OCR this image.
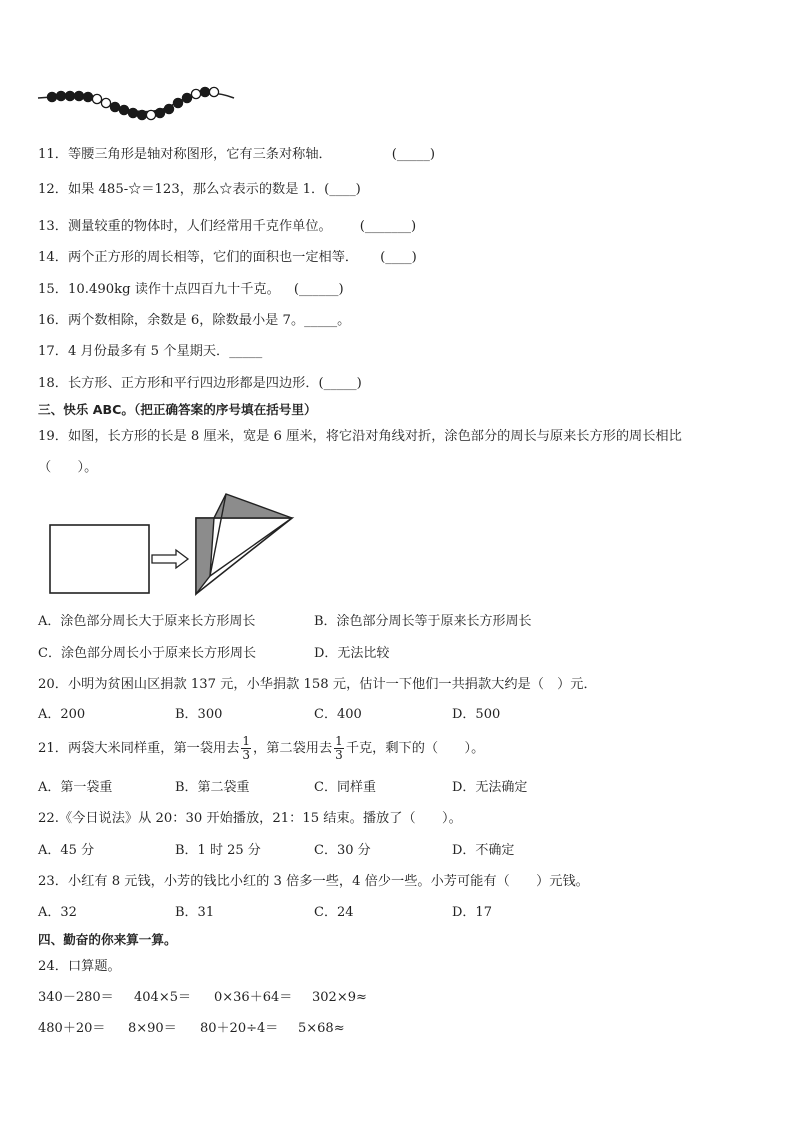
11．等腰三角形是轴对称图形，它有三条对称轴．	(_____)
12．如果 485-☆＝123，那么☆表示的数是 1．(____)
13．测量较重的物体时，人们经常用千克作单位。 (_______)
14．两个正方形的周长相等，它们的面积也一定相等． (____)
15．10.490kg 读作十点四百九十千克。 (______)
16．两个数相除，余数是 6，除数最小是 7。_____。
17．4 月份最多有 5 个星期天．_____
18．长方形、正方形和平行四边形都是四边形．(_____)
三、快乐 ABC。（把正确答案的序号填在括号里）
19．如图，长方形的长是 8 厘米，宽是 6 厘米，将它沿对角线对折，涂色部分的周长与原来长方形的周长相比
（　　）。
A．涂色部分周长大于原来长方形周长	B．涂色部分周长等于原来长方形周长
C．涂色部分周长小于原来长方形周长	D．无法比较
20．小明为贫困山区捐款 137 元，小华捐款 158 元，估计一下他们一共捐款大约是（　）元．
A．200	B．300	C．400	D．500
21．两袋大米同样重，第一袋用去 $\frac{1}{3}$ ，第二袋用去 $\frac{1}{3}$ 千克，剩下的（　　）。
A．第一袋重	B．第二袋重	C．同样重	D．无法确定
22.《今日说法》从 20：30 开始播放，21：15 结束。播放了（　　）。
A．45 分	B．1 时 25 分	C．30 分	D．不确定
23．小红有 8 元钱，小芳的钱比小红的 3 倍多一些，4 倍少一些。小芳可能有（　　）元钱。
A．32	B．31	C．24	D．17
四、勤奋的你来算一算。
24．口算题。
340－280＝ 404×5＝ 0×36＋64＝ 302×9≈
480＋20＝ 8×90＝ 80＋20÷4＝ 5×68≈
